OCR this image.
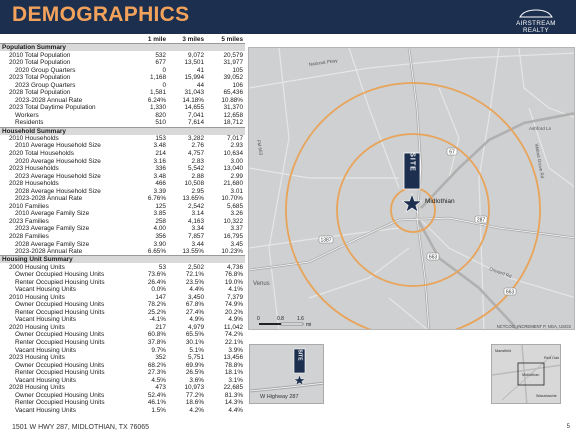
DEMOGRAPHICS	AIRSTREAM REALTY
	1 mile	3 miles	5 miles
Population Summary			
2010 Total Population	532	9,072	20,579
2020 Total Population	677	13,501	31,977
2020 Group Quarters	0	41	105
2023 Total Population	1,168	15,994	39,052
2023 Group Quarters	0	44	106
2028 Total Population	1,581	31,043	65,436
2023-2028 Annual Rate	6.24%	14.18%	10.88%
2023 Total Daytime Population	1,330	14,655	31,370
Workers	820	7,041	12,658
Residents	510	7,614	18,712
Household Summary			
2010 Households	153	3,282	7,017
2010 Average Household Size	3.48	2.76	2.93
2020 Total Households	214	4,757	10,634
2020 Average Household Size	3.16	2.83	3.00
2023 Households	336	5,542	13,040
2023 Average Household Size	3.48	2.88	2.99
2028 Households	466	10,508	21,680
2028 Average Household Size	3.39	2.95	3.01
2023-2028 Annual Rate	6.76%	13.65%	10.70%
2010 Families	125	2,542	5,685
2010 Average Family Size	3.85	3.14	3.26
2023 Families	258	4,163	10,322
2023 Average Family Size	4.00	3.34	3.37
2028 Families	356	7,857	16,795
2028 Average Family Size	3.90	3.44	3.45
2023-2028 Annual Rate	6.65%	13.55%	10.23%
Housing Unit Summary			
2000 Housing Units	53	2,502	4,736
Owner Occupied Housing Units	73.6%	72.1%	76.8%
Renter Occupied Housing Units	26.4%	23.5%	19.0%
Vacant Housing Units	0.0%	4.4%	4.1%
2010 Housing Units	147	3,450	7,379
Owner Occupied Housing Units	78.2%	67.8%	74.9%
Renter Occupied Housing Units	25.2%	27.4%	20.2%
Vacant Housing Units	-4.1%	4.9%	4.9%
2020 Housing Units	217	4,979	11,042
Owner Occupied Housing Units	60.8%	65.5%	74.2%
Renter Occupied Housing Units	37.8%	30.1%	22.1%
Vacant Housing Units	9.7%	5.1%	3.9%
2023 Housing Units	352	5,751	13,456
Owner Occupied Housing Units	68.2%	69.9%	78.8%
Renter Occupied Housing Units	27.3%	26.5%	18.1%
Vacant Housing Units	4.5%	3.6%	3.1%
2028 Housing Units	473	10,973	22,685
Owner Occupied Housing Units	52.4%	77.2%	81.3%
Renter Occupied Housing Units	46.1%	18.6%	14.3%
Vacant Housing Units	1.5%	4.2%	4.4%
67
287
663
1387
663
Midlothian
Venus
National Pkwy
Walnut Grove Rd
FM 663
Onward Rd
Ashford Ln
SITE
0	0.8	1.6
mi	NCTCOG, INCREMENT P, NGA, USGS
SITE
W Highway 287
Mansfield
Midlothian
Red Oak
Waxahachie
1501 W HWY 287, MIDLOTHIAN, TX 76065	5
